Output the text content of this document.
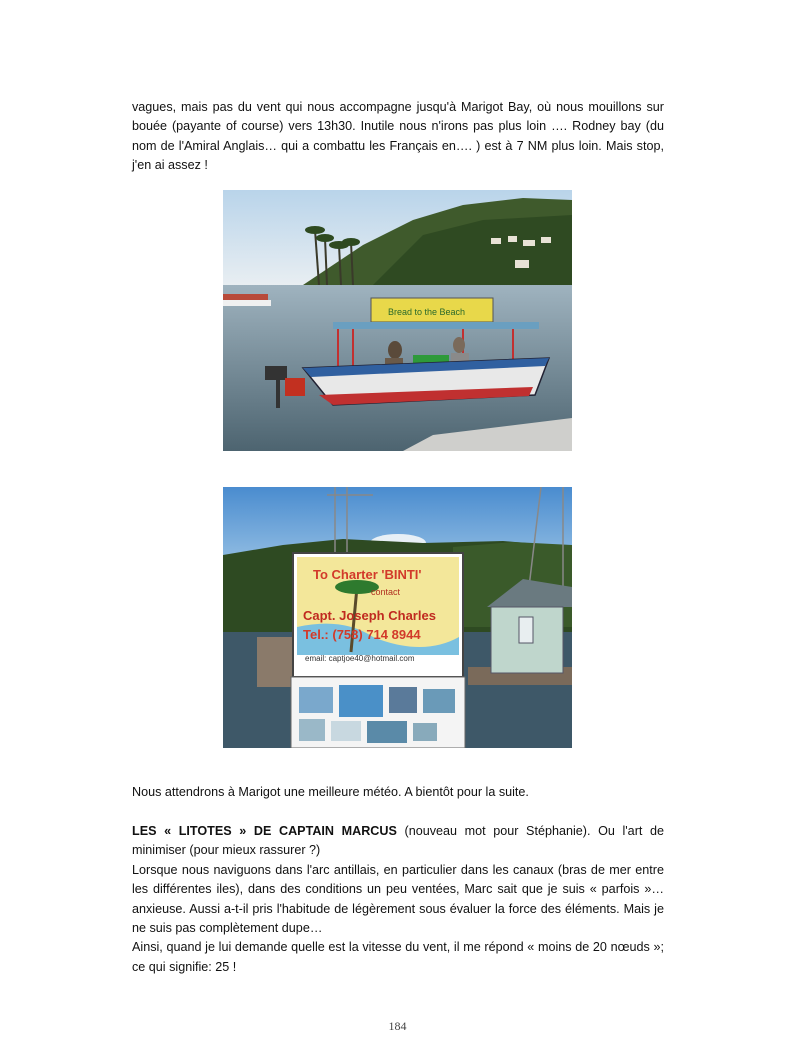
vagues, mais pas du vent qui nous accompagne jusqu'à Marigot Bay, où nous mouillons sur bouée (payante of course) vers 13h30. Inutile nous n'irons pas plus loin …. Rodney bay (du nom de l'Amiral Anglais… qui a combattu les Français en…. ) est à 7 NM plus loin. Mais stop, j'en ai assez !

Bread to the Beach
To Charter 'BINTI'
contact
Capt. Joseph Charles
Tel.: (758) 714 8944
email: captjoe40@hotmail.com

Nous attendrons à Marigot une meilleure météo. A bientôt pour la suite.

LES « LITOTES » DE CAPTAIN MARCUS (nouveau mot pour Stéphanie). Ou l'art de minimiser (pour mieux rassurer ?)
Lorsque nous naviguons dans l'arc antillais, en particulier dans les canaux (bras de mer entre les différentes iles), dans des conditions un peu ventées, Marc sait que je suis « parfois »…anxieuse. Aussi a-t-il pris l'habitude de légèrement sous évaluer la force des éléments. Mais je ne suis pas complètement dupe…
Ainsi, quand je lui demande quelle est la vitesse du vent, il me répond « moins de 20 nœuds »; ce qui signifie: 25 !
184
